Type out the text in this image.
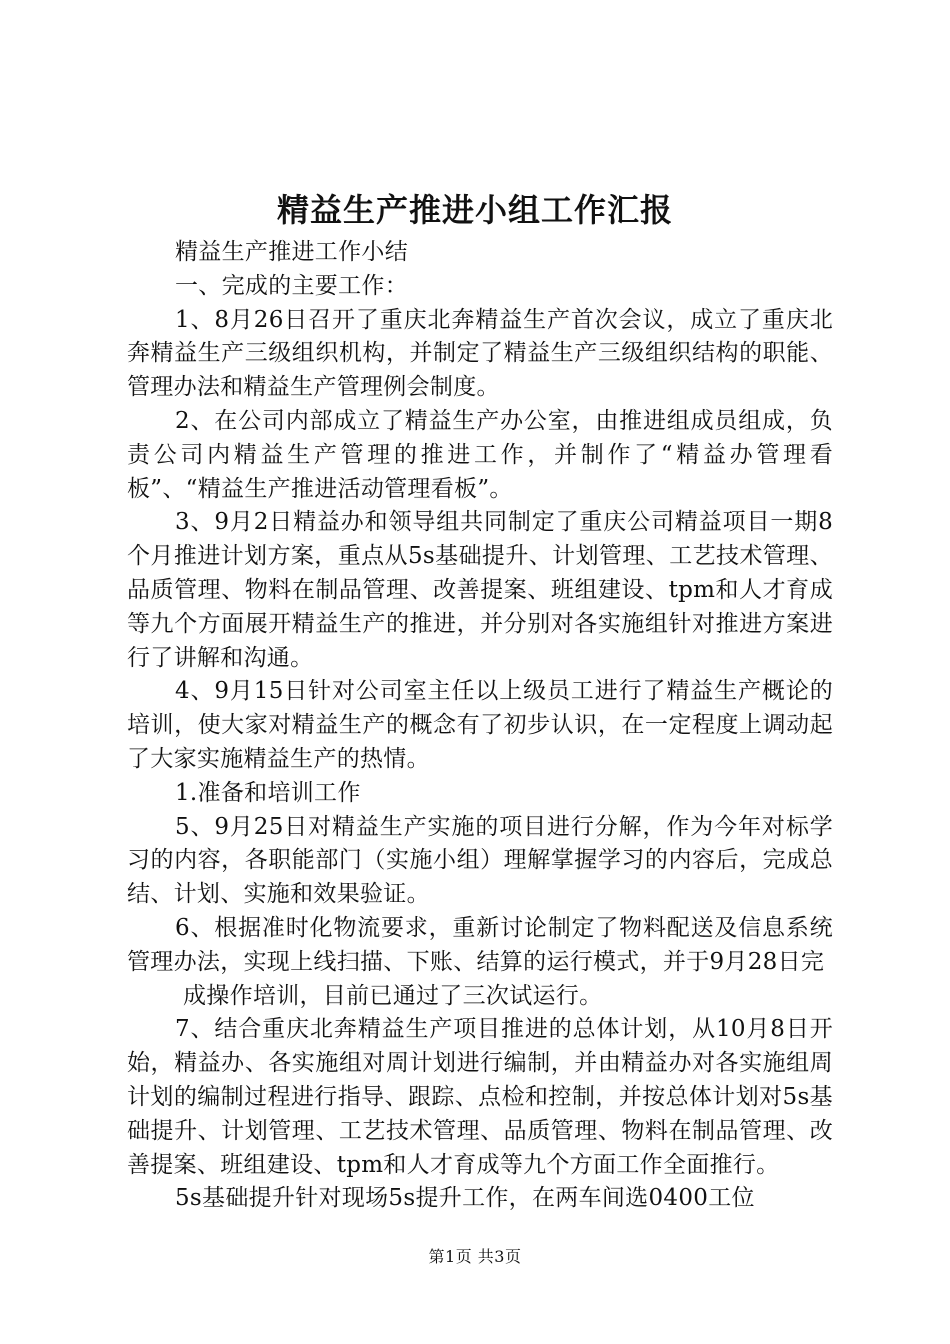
精益生产推进小组工作汇报

精益生产推进工作小结

一、完成的主要工作：

1、8月26日召开了重庆北奔精益生产首次会议，成立了重庆北奔精益生产三级组织机构，并制定了精益生产三级组织结构的职能、管理办法和精益生产管理例会制度。

2、在公司内部成立了精益生产办公室，由推进组成员组成，负责公司内精益生产管理的推进工作，并制作了“精益办管理看板”、“精益生产推进活动管理看板”。

3、9月2日精益办和领导组共同制定了重庆公司精益项目一期8个月推进计划方案，重点从5s基础提升、计划管理、工艺技术管理、品质管理、物料在制品管理、改善提案、班组建设、tpm和人才育成等九个方面展开精益生产的推进，并分别对各实施组针对推进方案进行了讲解和沟通。

4、9月15日针对公司室主任以上级员工进行了精益生产概论的培训，使大家对精益生产的概念有了初步认识，在一定程度上调动起了大家实施精益生产的热情。

1.准备和培训工作

5、9月25日对精益生产实施的项目进行分解，作为今年对标学习的内容，各职能部门（实施小组）理解掌握学习的内容后，完成总结、计划、实施和效果验证。

6、根据准时化物流要求，重新讨论制定了物料配送及信息系统管理办法，实现上线扫描、下账、结算的运行模式，并于9月28日完

成操作培训，目前已通过了三次试运行。

7、结合重庆北奔精益生产项目推进的总体计划，从10月8日开始，精益办、各实施组对周计划进行编制，并由精益办对各实施组周计划的编制过程进行指导、跟踪、点检和控制，并按总体计划对5s基础提升、计划管理、工艺技术管理、品质管理、物料在制品管理、改善提案、班组建设、tpm和人才育成等九个方面工作全面推行。

5s基础提升针对现场5s提升工作，在两车间选0400工位

第1页 共3页
